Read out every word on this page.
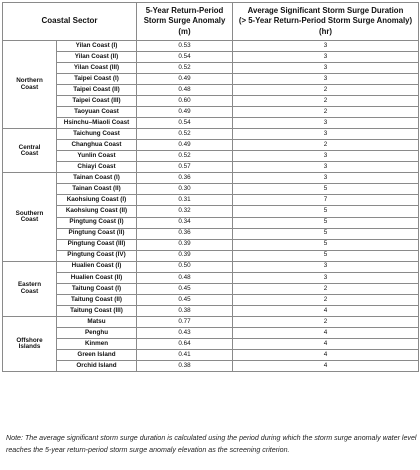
Coastal Sector		5-Year Return-Period
Storm Surge Anomaly
(m)	Average Significant Storm Surge Duration
(> 5-Year Return-Period Storm Surge Anomaly)
(hr)
Northern
Coast	Yilan Coast (I)	0.53	3
	Yilan Coast (II)	0.54	3
	Yilan Coast (III)	0.52	3
	Taipei Coast (I)	0.49	3
	Taipei Coast (II)	0.48	2
	Taipei Coast (III)	0.60	2
	Taoyuan Coast	0.49	2
	Hsinchu–Miaoli Coast	0.54	3
Central
Coast	Taichung Coast	0.52	3
	Changhua Coast	0.49	2
	Yunlin Coast	0.52	3
	Chiayi Coast	0.57	3
Southern
Coast	Tainan Coast (I)	0.36	3
	Tainan Coast (II)	0.30	5
	Kaohsiung Coast (I)	0.31	7
	Kaohsiung Coast (II)	0.32	5
	Pingtung Coast (I)	0.34	5
	Pingtung Coast (II)	0.36	5
	Pingtung Coast (III)	0.39	5
	Pingtung Coast (IV)	0.39	5
Eastern
Coast	Hualien Coast (I)	0.50	3
	Hualien Coast (II)	0.48	3
	Taitung Coast (I)	0.45	2
	Taitung Coast (II)	0.45	2
	Taitung Coast (III)	0.38	4
Offshore
Islands	Matsu	0.77	2
	Penghu	0.43	4
	Kinmen	0.64	4
	Green Island	0.41	4
	Orchid Island	0.38	4

Note: The average significant storm surge duration is calculated using the period during which the storm surge anomaly water level reaches the 5-year return-period storm surge anomaly elevation as the screening criterion.
